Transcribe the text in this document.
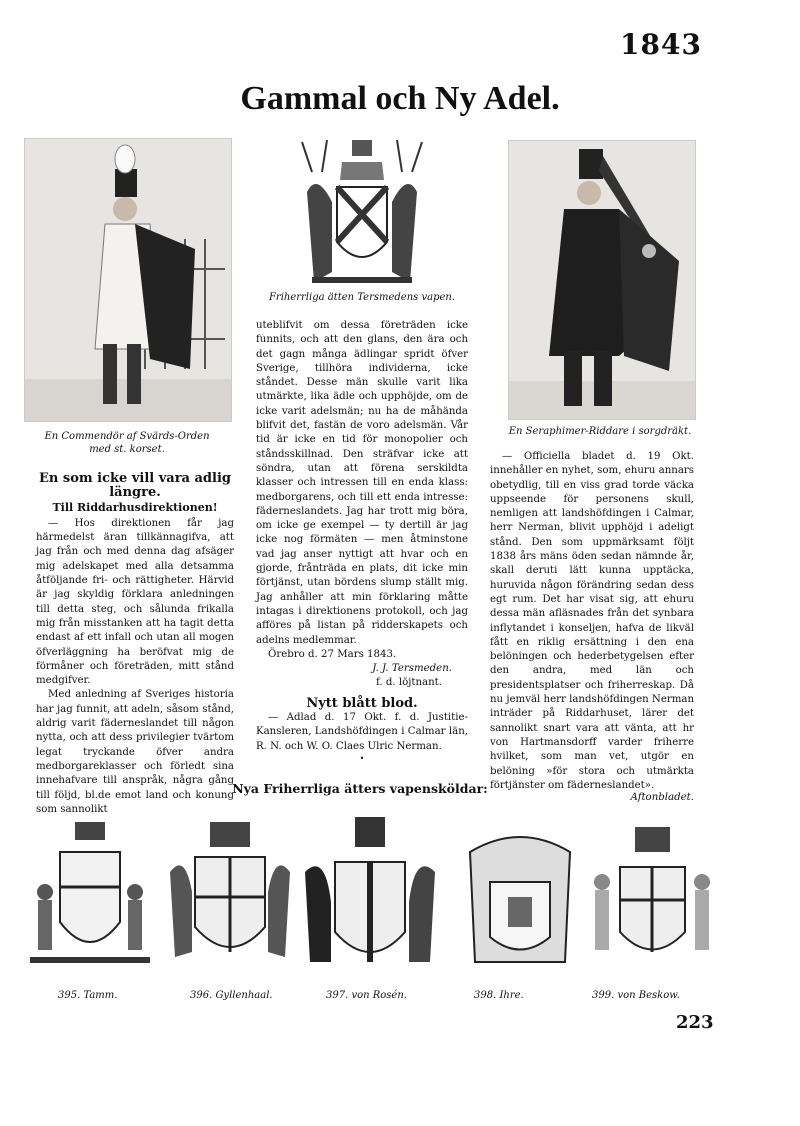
1843
Gammal och Ny Adel.
En Commendör af Svärds-Orden
med st. korset.
Friherrliga ätten Tersmedens vapen.
En Seraphimer-Riddare i sorgdräkt.
En som icke vill vara adlig längre.
Till Riddarhusdirektionen!

— Hos direktionen får jag härmedelst äran tillkännagifva, att jag från och med denna dag afsäger mig adelskapet med alla detsamma åtföljande fri- och rättigheter. Härvid är jag skyldig förklara anledningen till detta steg, och sålunda frikalla mig från misstanken att ha tagit detta endast af ett infall och utan all mogen öfverläggning ha beröfvat mig de förmåner och företräden, mitt stånd medgifver.

Med anledning af Sveriges historia har jag funnit, att adeln, såsom stånd, aldrig varit fäderneslandet till någon nytta, och att dess privilegier tvärtom legat tryckande öfver andra medborgareklasser och förledt sina innehafvare till anspråk, några gång till följd, bl.de emot land och konung som sannolikt

uteblifvit om dessa företräden icke funnits, och att den glans, den ära och det gagn många ädlingar spridt öfver Sverige, tillhöra individerna, icke ståndet. Desse män skulle varit lika utmärkte, lika ädle och upphöjde, om de icke varit adelsmän; nu ha de måhända blifvit det, fastän de voro adelsmän. Vår tid är icke en tid för monopolier och ståndsskillnad. Den sträfvar icke att söndra, utan att förena serskildta klasser och intressen till en enda klass: medborgarens, och till ett enda intresse: fäderneslandets. Jag har trott mig böra, om icke ge exempel — ty dertill är jag icke nog förmäten — men åtminstone vad jag anser nyttigt att hvar och en gjorde, frånträda en plats, dit icke min förtjänst, utan bördens slump ställt mig. Jag anhåller att min förklaring måtte intagas i direktionens protokoll, och jag afföres på listan på ridderskapets och adelns medlemmar.

Örebro d. 27 Mars 1843.

J. J. Tersmeden.
f. d. löjtnant.
Nytt blått blod.

— Adlad d. 17 Okt. f. d. Justitie-Kansleren, Landshöfdingen i Calmar län, R. N. och W. O. Claes Ulric Nerman.

•

— Officiella bladet d. 19 Okt. innehåller en nyhet, som, ehuru annars obetydlig, till en viss grad torde väcka uppseende för personens skull, nemligen att landshöfdingen i Calmar, herr Nerman, blivit upphöjd i adeligt stånd. Den som uppmärksamt följt 1838 års mäns öden sedan nämnde år, skall deruti lätt kunna upptäcka, huruvida någon förändring sedan dess egt rum. Det har visat sig, att ehuru dessa män afläsnades från det synbara inflytandet i konseljen, hafva de likväl fått en riklig ersättning i den ena belöningen och hederbetygelsen efter den andra, med län och presidentsplatser och friherreskap. Då nu jemväl herr landshöfdingen Nerman inträder på Riddarhuset, lärer det sannolikt snart vara att vänta, att hr von Hartmansdorff varder friherre hvilket, som man vet, utgör en belöning »för stora och utmärkta förtjänster om fäderneslandet».

Aftonbladet.
Nya Friherrliga ätters vapensköldar:
395. Tamm.	396. Gyllenhaal.	397. von Rosén.	398. Ihre.	399. von Beskow.
223
